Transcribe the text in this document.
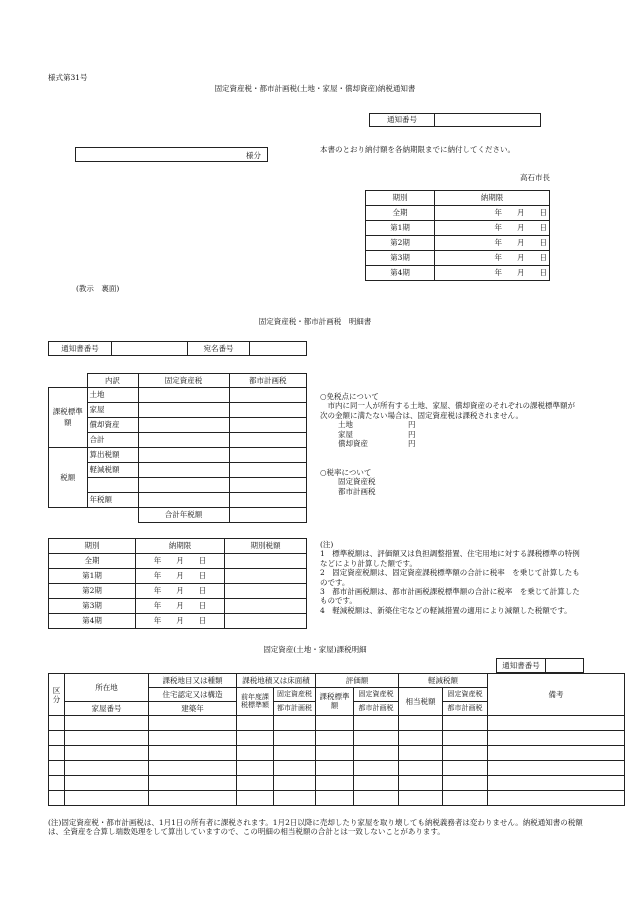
様式第31号
固定資産税・都市計画税(土地・家屋・償却資産)納税通知書
通知番号	
様分
本書のとおり納付額を各納期限までに納付してください。
高石市長
期別	納期限
全期	年　　月　　日
第1期	年　　月　　日
第2期	年　　月　　日
第3期	年　　月　　日
第4期	年　　月　　日
(教示　裏面)
固定資産税・都市計画税　明細書
通知書番号		宛名番号	
	内訳	固定資産税	都市計画税
課税標準額	土地		
	家屋		
	償却資産		
	合計		
税額	算出税額		
	軽減税額		

	年税額		
		合計年税額	
○免税点について
市内に同一人が所有する土地、家屋、償却資産のそれぞれの課税標準額が次の金額に満たない場合は、固定資産税は課税されません。
土地	円
家屋	円
償却資産	円
○税率について
固定資産税
都市計画税
期別	納期限	期別税額
全期	年　　月　　日	
第1期	年　　月　　日	
第2期	年　　月　　日	
第3期	年　　月　　日	
第4期	年　　月　　日	

(注)

1　標準税額は、評価額又は負担調整措置、住宅用地に対する課税標準の特例などにより計算した額です。

2　固定資産税額は、固定資産課税標準額の合計に税率　を乗じて計算したものです。

3　都市計画税額は、都市計画税課税標準額の合計に税率　を乗じて計算したものです。

4　軽減税額は、新築住宅などの軽減措置の適用により減額した税額です。

固定資産(土地・家屋)課税明細
通知書番号	
区分	所在地	課税地目又は種類	課税地積又は床面積		評価額		軽減税額		備考
		住宅認定又は構造	前年度課税標準額	固定資産税	課税標準額	固定資産税	相当税額	固定資産税	
	家屋番号	建築年		都市計画税		都市計画税		都市計画税	

(注)固定資産税・都市計画税は、1月1日の所有者に課税されます。1月2日以降に売却したり家屋を取り壊しても納税義務者は変わりません。納税通知書の税額は、全資産を合算し端数処理をして算出していますので、この明細の相当税額の合計とは一致しないことがあります。
